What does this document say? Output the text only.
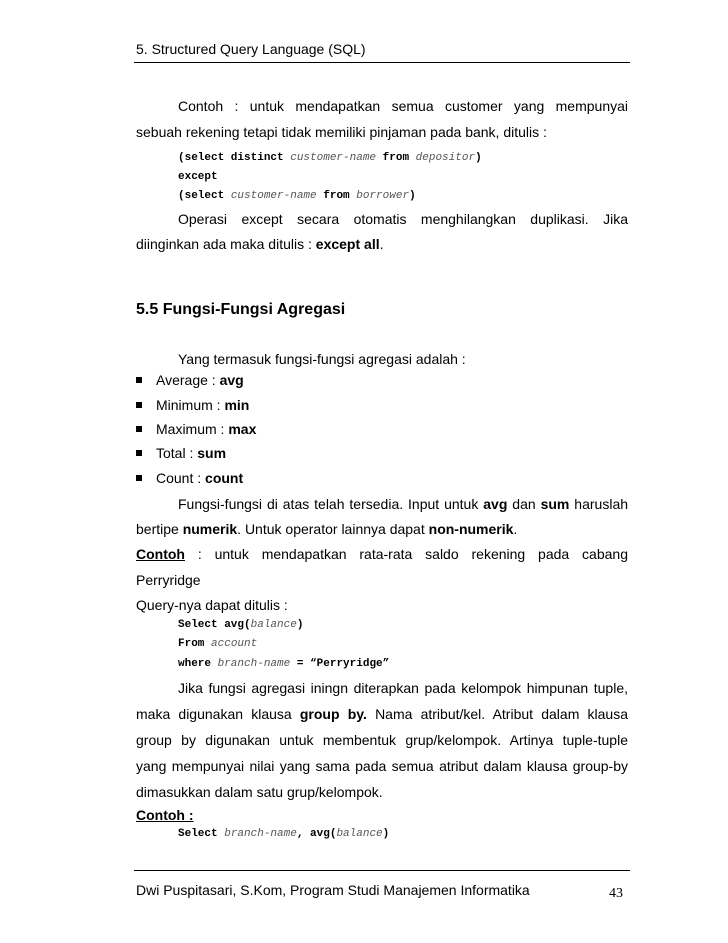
5. Structured Query Language (SQL)
Contoh : untuk mendapatkan semua customer yang mempunyai
sebuah rekening tetapi tidak memiliki pinjaman pada bank, ditulis :
(select distinct customer-name from depositor)
except
(select customer-name from borrower)
Operasi except secara otomatis menghilangkan duplikasi. Jika
diinginkan ada maka ditulis : except all.
5.5 Fungsi-Fungsi Agregasi
Yang termasuk fungsi-fungsi agregasi adalah :
Average : avg
Minimum : min
Maximum : max
Total : sum
Count : count
Fungsi-fungsi di atas telah tersedia. Input untuk avg dan sum haruslah
bertipe numerik. Untuk operator lainnya dapat non-numerik.
Contoh : untuk mendapatkan rata-rata saldo rekening pada cabang
Perryridge
Query-nya dapat ditulis :
Select avg(balance)
From account
where branch-name = “Perryridge”
Jika fungsi agregasi iningn diterapkan pada kelompok himpunan tuple,
maka digunakan klausa group by. Nama atribut/kel. Atribut dalam klausa
group by digunakan untuk membentuk grup/kelompok. Artinya tuple-tuple
yang mempunyai nilai yang sama pada semua atribut dalam klausa group-by
dimasukkan dalam satu grup/kelompok.
Contoh :
Select branch-name, avg(balance)
Dwi Puspitasari, S.Kom, Program Studi Manajemen Informatika	43
